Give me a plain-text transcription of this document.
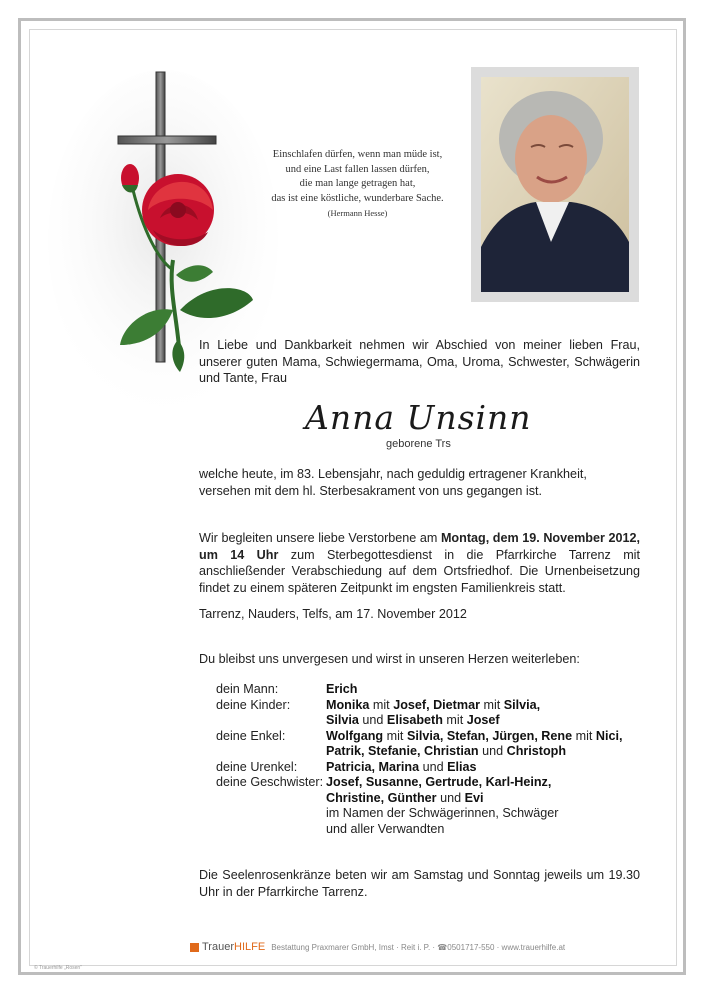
Einschlafen dürfen, wenn man müde ist,
und eine Last fallen lassen dürfen,
die man lange getragen hat,
das ist eine köstliche, wunderbare Sache.
(Hermann Hesse)
In Liebe und Dankbarkeit nehmen wir Abschied von meiner lieben Frau, unserer guten Mama, Schwiegermama, Oma, Uroma, Schwester, Schwägerin und Tante, Frau
Anna Unsinn
geborene Trs
welche heute, im 83. Lebensjahr, nach geduldig ertragener Krankheit, versehen mit dem hl. Sterbesakrament von uns gegangen ist.
Wir begleiten unsere liebe Verstorbene am Montag, dem 19. November 2012, um 14 Uhr zum Sterbegottesdienst in die Pfarrkirche Tarrenz mit anschließender Verabschiedung auf dem Ortsfriedhof. Die Urnenbeisetzung findet zu einem späteren Zeitpunkt im engsten Familienkreis statt.
Tarrenz, Nauders, Telfs, am 17. November 2012
Du bleibst uns unvergesen und wirst in unseren Herzen weiterleben:
dein Mann:	Erich
deine Kinder:	Monika mit Josef, Dietmar mit Silvia,
Silvia und Elisabeth mit Josef
deine Enkel:	Wolfgang mit Silvia, Stefan, Jürgen, Rene mit Nici,
Patrik, Stefanie, Christian und Christoph
deine Urenkel:	Patricia, Marina und Elias
deine Geschwister: Josef, Susanne, Gertrude, Karl-Heinz,
Christine, Günther und Evi
im Namen der Schwägerinnen, Schwäger
und aller Verwandten
Die Seelenrosenkränze beten wir am Samstag und Sonntag jeweils um 19.30 Uhr in der Pfarrkirche Tarrenz.
TrauerHILFE Bestattung Praxmarer GmbH, Imst · Reit i. P. · ☎0501717-550 · www.trauerhilfe.at
© Trauerhilfe „Rosen“
